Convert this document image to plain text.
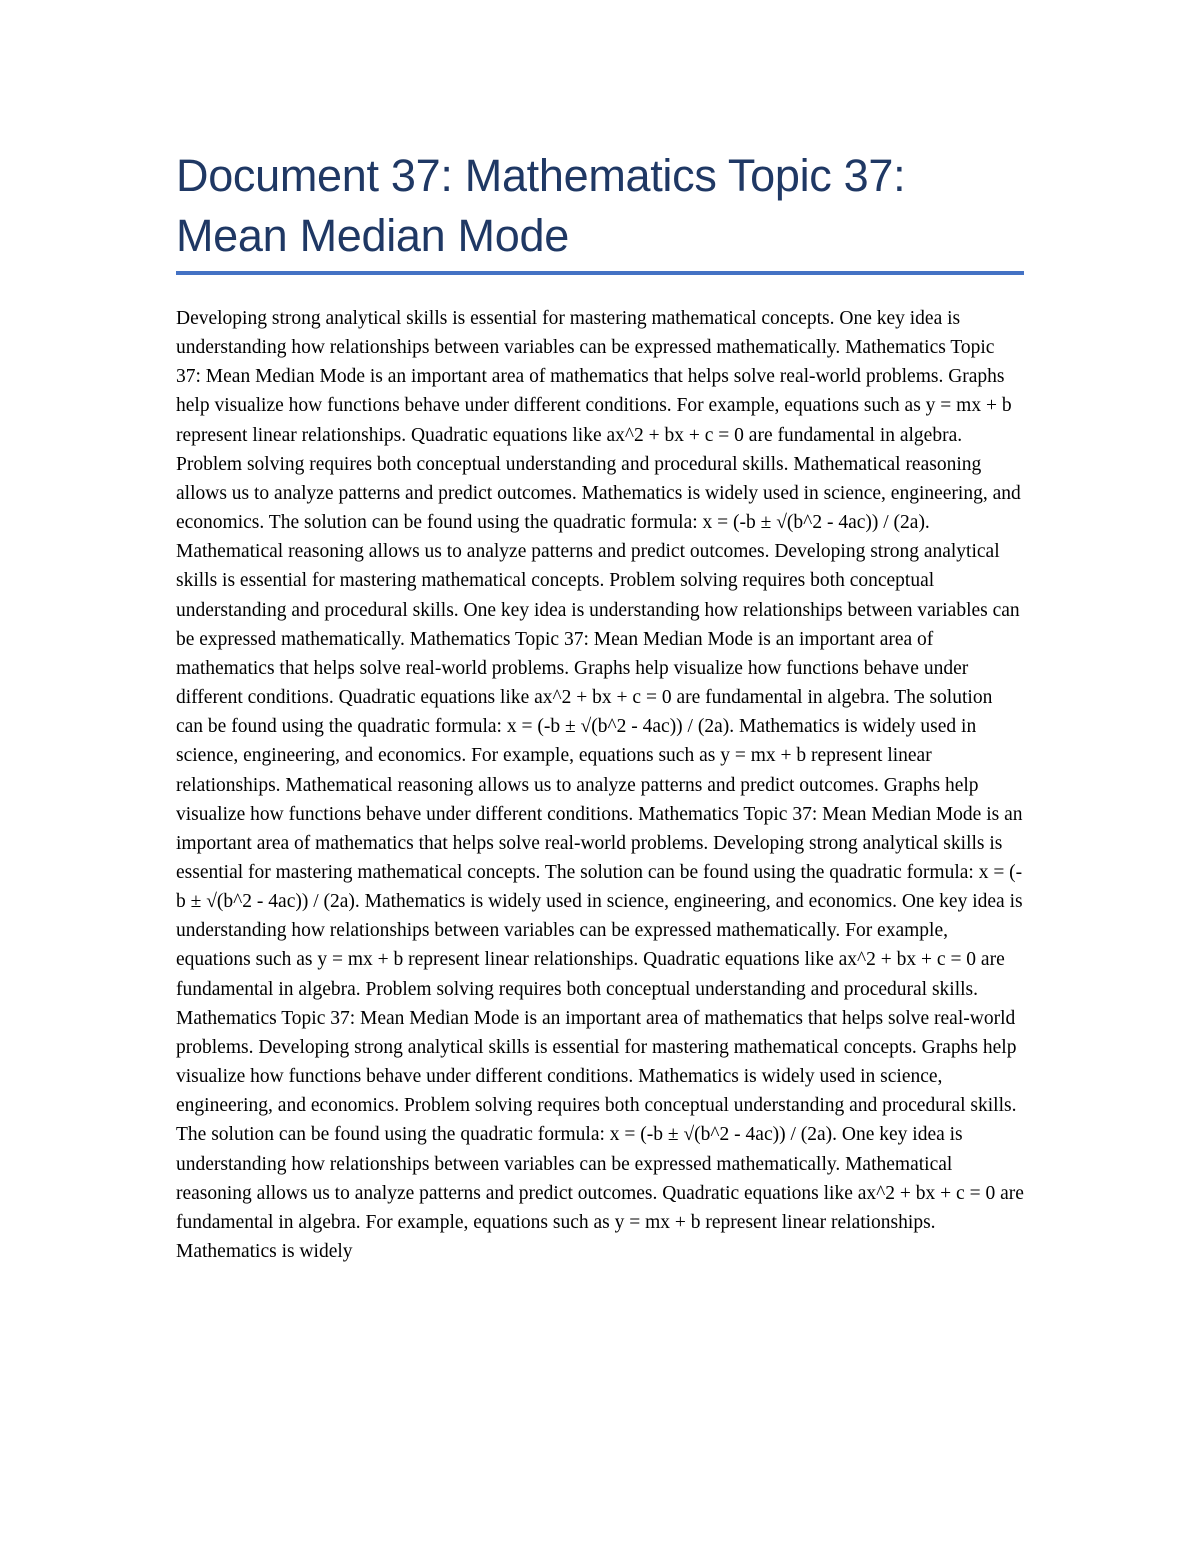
Document 37: Mathematics Topic 37: Mean Median Mode

Developing strong analytical skills is essential for mastering mathematical concepts. One key idea is understanding how relationships between variables can be expressed mathematically. Mathematics Topic 37: Mean Median Mode is an important area of mathematics that helps solve real-world problems. Graphs help visualize how functions behave under different conditions. For example, equations such as y = mx + b represent linear relationships. Quadratic equations like ax^2 + bx + c = 0 are fundamental in algebra. Problem solving requires both conceptual understanding and procedural skills. Mathematical reasoning allows us to analyze patterns and predict outcomes. Mathematics is widely used in science, engineering, and economics. The solution can be found using the quadratic formula: x = (-b ± √(b^2 - 4ac)) / (2a). Mathematical reasoning allows us to analyze patterns and predict outcomes. Developing strong analytical skills is essential for mastering mathematical concepts. Problem solving requires both conceptual understanding and procedural skills. One key idea is understanding how relationships between variables can be expressed mathematically. Mathematics Topic 37: Mean Median Mode is an important area of mathematics that helps solve real-world problems. Graphs help visualize how functions behave under different conditions. Quadratic equations like ax^2 + bx + c = 0 are fundamental in algebra. The solution can be found using the quadratic formula: x = (-b ± √(b^2 - 4ac)) / (2a). Mathematics is widely used in science, engineering, and economics. For example, equations such as y = mx + b represent linear relationships. Mathematical reasoning allows us to analyze patterns and predict outcomes. Graphs help visualize how functions behave under different conditions. Mathematics Topic 37: Mean Median Mode is an important area of mathematics that helps solve real-world problems. Developing strong analytical skills is essential for mastering mathematical concepts. The solution can be found using the quadratic formula: x = (-b ± √(b^2 - 4ac)) / (2a). Mathematics is widely used in science, engineering, and economics. One key idea is understanding how relationships between variables can be expressed mathematically. For example, equations such as y = mx + b represent linear relationships. Quadratic equations like ax^2 + bx + c = 0 are fundamental in algebra. Problem solving requires both conceptual understanding and procedural skills. Mathematics Topic 37: Mean Median Mode is an important area of mathematics that helps solve real-world problems. Developing strong analytical skills is essential for mastering mathematical concepts. Graphs help visualize how functions behave under different conditions. Mathematics is widely used in science, engineering, and economics. Problem solving requires both conceptual understanding and procedural skills. The solution can be found using the quadratic formula: x = (-b ± √(b^2 - 4ac)) / (2a). One key idea is understanding how relationships between variables can be expressed mathematically. Mathematical reasoning allows us to analyze patterns and predict outcomes. Quadratic equations like ax^2 + bx + c = 0 are fundamental in algebra. For example, equations such as y = mx + b represent linear relationships. Mathematics is widely
